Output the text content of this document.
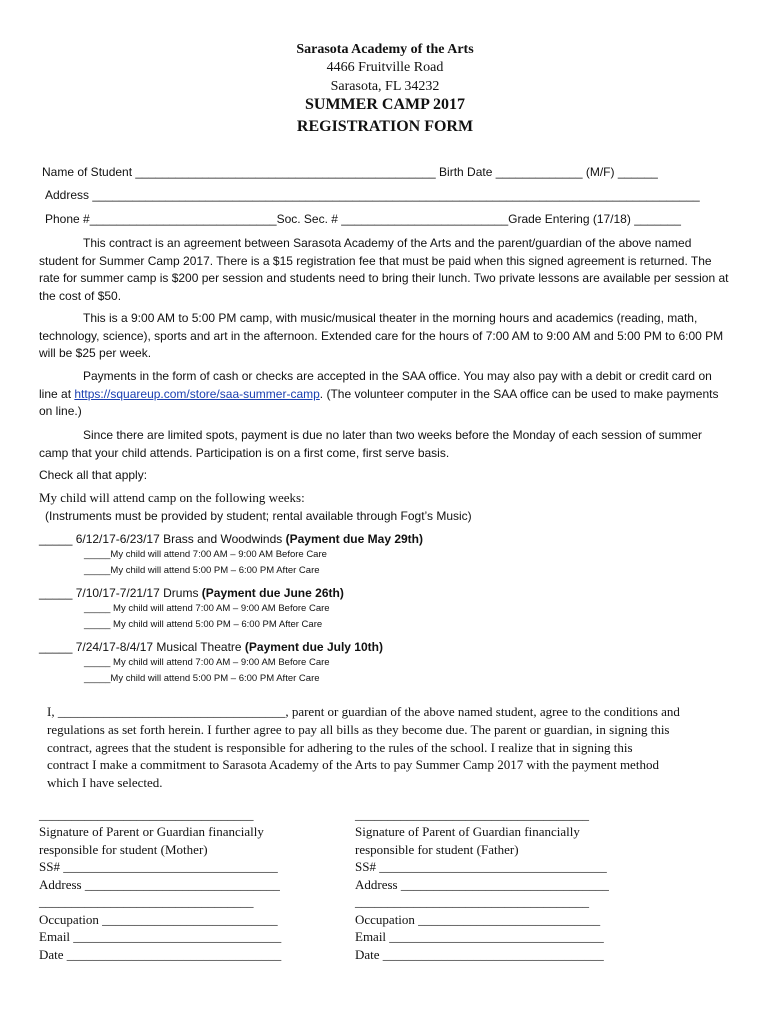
Sarasota Academy of the Arts
4466 Fruitville Road
Sarasota, FL 34232
SUMMER CAMP 2017
REGISTRATION FORM
Name of Student _____________________________________________ Birth Date _____________ (M/F) ______
Address ___________________________________________________________________________________________
Phone #____________________________Soc. Sec. # _________________________Grade Entering (17/18) _______
This contract is an agreement between Sarasota Academy of the Arts and the parent/guardian of the above named student for Summer Camp 2017. There is a $15 registration fee that must be paid when this signed agreement is returned. The rate for summer camp is $200 per session and students need to bring their lunch. Two private lessons are available per session at the cost of $50.
This is a 9:00 AM to 5:00 PM camp, with music/musical theater in the morning hours and academics (reading, math, technology, science), sports and art in the afternoon. Extended care for the hours of 7:00 AM to 9:00 AM and 5:00 PM to 6:00 PM will be $25 per week.
Payments in the form of cash or checks are accepted in the SAA office. You may also pay with a debit or credit card on line at https://squareup.com/store/saa-summer-camp. (The volunteer computer in the SAA office can be used to make payments on line.)
Since there are limited spots, payment is due no later than two weeks before the Monday of each session of summer camp that your child attends. Participation is on a first come, first serve basis.
Check all that apply:
My child will attend camp on the following weeks:
(Instruments must be provided by student; rental available through Fogt’s Music)
_____ 6/12/17-6/23/17 Brass and Woodwinds (Payment due May 29th)
_____My child will attend 7:00 AM – 9:00 AM Before Care
_____My child will attend 5:00 PM – 6:00 PM After Care
_____ 7/10/17-7/21/17 Drums (Payment due June 26th)
_____ My child will attend 7:00 AM – 9:00 AM Before Care
_____ My child will attend 5:00 PM – 6:00 PM After Care
_____ 7/24/17-8/4/17 Musical Theatre (Payment due July 10th)
_____ My child will attend 7:00 AM – 9:00 AM Before Care
_____My child will attend 5:00 PM – 6:00 PM After Care
I, ___________________________________, parent or guardian of the above named student, agree to the conditions and
regulations as set forth herein. I further agree to pay all bills as they become due. The parent or guardian, in signing this
contract, agrees that the student is responsible for adhering to the rules of the school. I realize that in signing this
contract I make a commitment to Sarasota Academy of the Arts to pay Summer Camp 2017 with the payment method
which I have selected.
_________________________________
Signature of Parent or Guardian financially
responsible for student (Mother)
SS# _________________________________
Address ______________________________
_________________________________
Occupation ___________________________
Email ________________________________
Date _________________________________
____________________________________
Signature of Parent of Guardian financially
responsible for student (Father)
SS# ___________________________________
Address ________________________________
____________________________________
Occupation ____________________________
Email _________________________________
Date __________________________________
